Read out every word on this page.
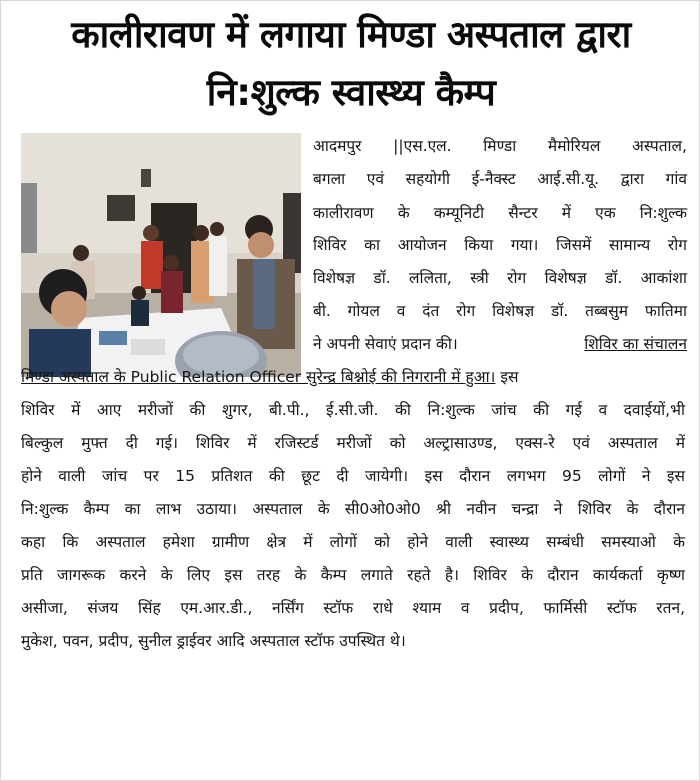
कालीरावण में लगाया मिण्डा अस्पताल द्वारा
नि:शुल्क स्वास्थ्य कैम्प
आदमपुर ||एस.एल. मिण्डा मैमोरियल अस्पताल,
बगला एवं सहयोगी ई-नैक्स्ट आई.सी.यू. द्वारा गांव
कालीरावण के कम्यूनिटी सैन्टर में एक नि:शुल्क
शिविर का आयोजन किया गया। जिसमें सामान्य रोग
विशेषज्ञ डॉ. ललिता, स्त्री रोग विशेषज्ञ डॉ. आकांशा
बी. गोयल व दंत रोग विशेषज्ञ डॉ. तब्बसुम फातिमा
ने अपनी सेवाएं प्रदान की।	शिविर का संचालन
मिण्डा अस्पताल के Public Relation Officer सुरेन्द्र बिश्नोई की निगरानी में हुआ। इस
शिविर में आए मरीजों की शुगर, बी.पी., ई.सी.जी. की नि:शुल्क जांच की गई व दवाईयों,भी
बिल्कुल मुफ्त दी गई। शिविर में रजिस्टर्ड मरीजों को अल्ट्रासाउण्ड, एक्स-रे एवं अस्पताल में
होने वाली जांच पर 15 प्रतिशत की छूट दी जायेगी। इस दौरान लगभग 95 लोगों ने इस
नि:शुल्क कैम्प का लाभ उठाया। अस्पताल के सी0ओ0ओ0 श्री नवीन चन्द्रा ने शिविर के दौरान
कहा कि अस्पताल हमेशा ग्रामीण क्षेत्र में लोगों को होने वाली स्वास्थ्य सम्बंधी समस्याओ के
प्रति जागरूक करने के लिए इस तरह के कैम्प लगाते रहते है। शिविर के दौरान कार्यकर्ता कृष्ण
असीजा, संजय सिंह एम.आर.डी., नर्सिंग स्टॉफ राधे श्याम व प्रदीप, फार्मिसी स्टॉफ रतन,
मुकेश, पवन, प्रदीप, सुनील ड्राईवर आदि अस्पताल स्टॉफ उपस्थित थे।
